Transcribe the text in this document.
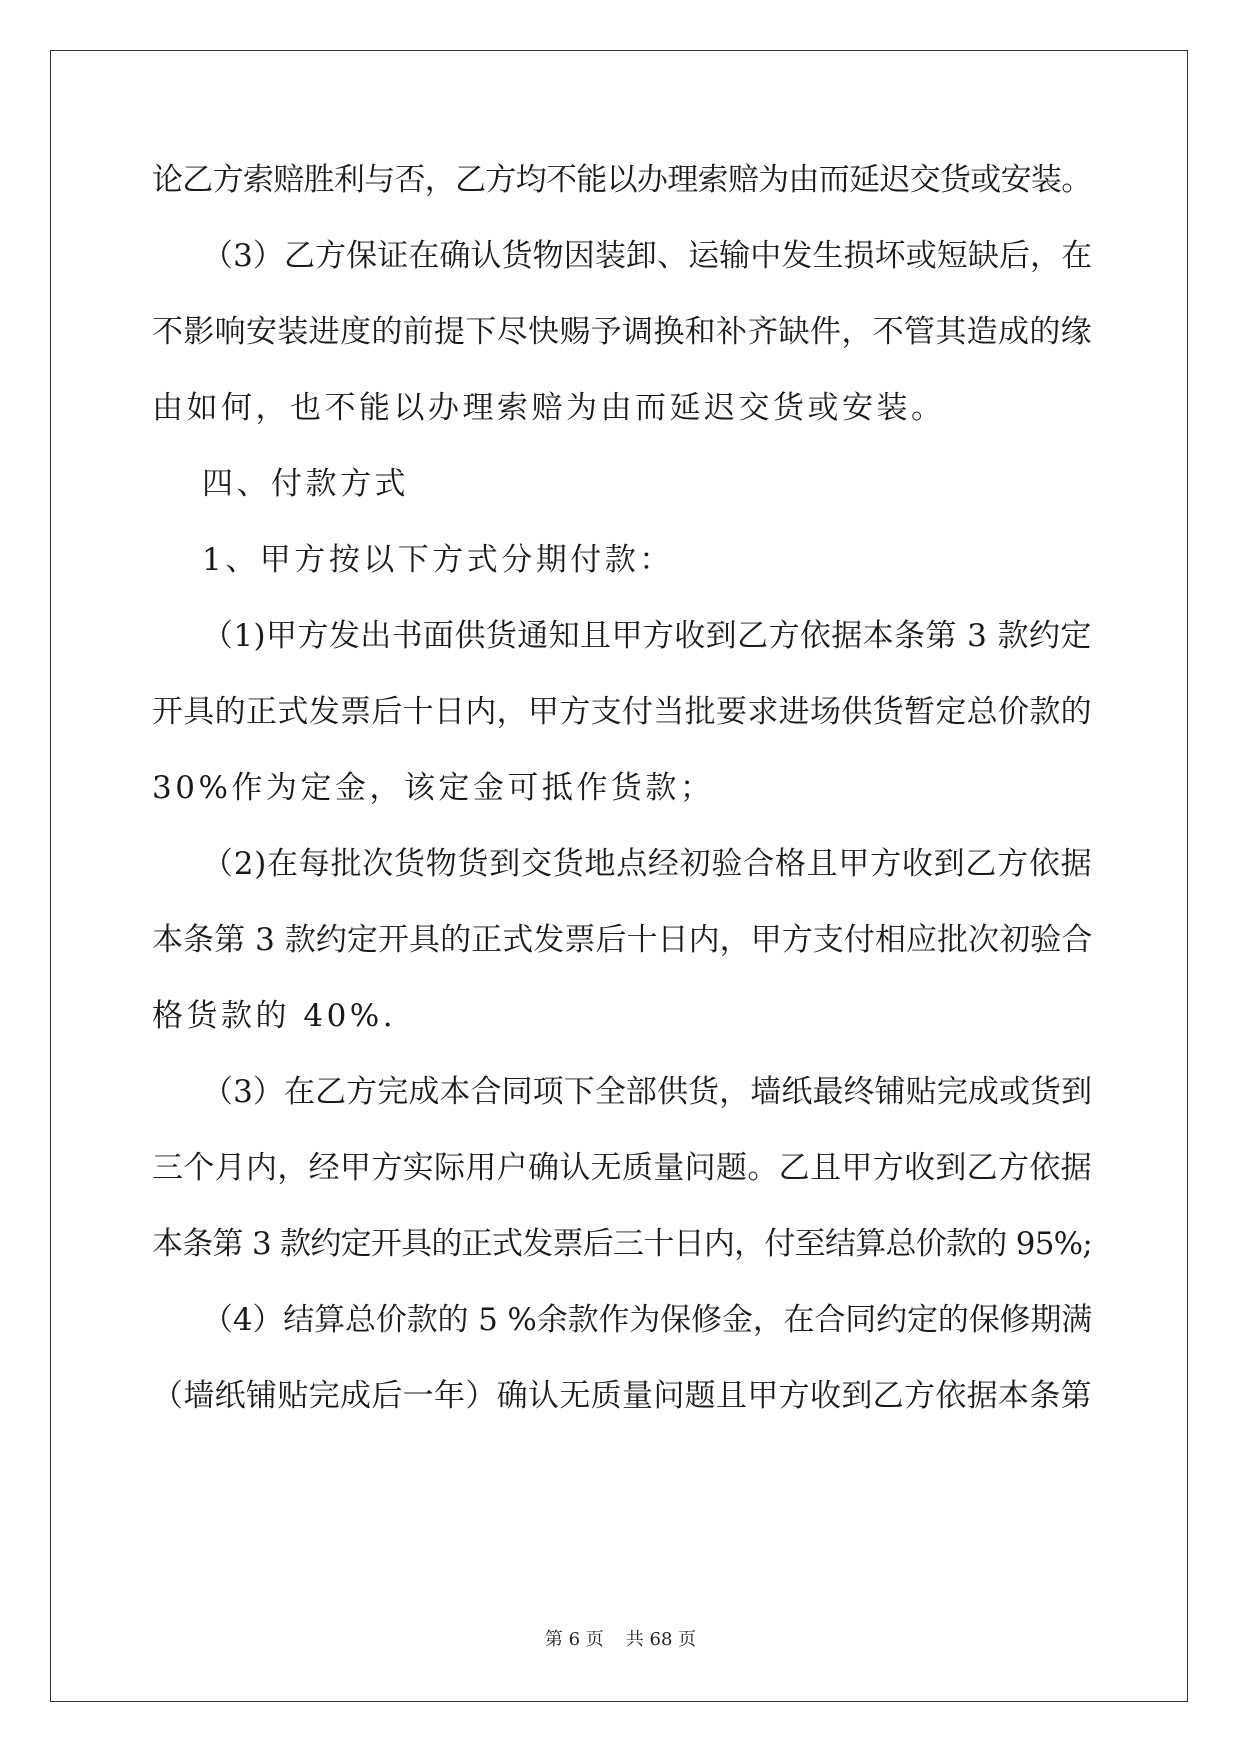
论乙方索赔胜利与否，乙方均不能以办理索赔为由而延迟交货或安装。
（3）乙方保证在确认货物因装卸、运输中发生损坏或短缺后，在
不影响安装进度的前提下尽快赐予调换和补齐缺件，不管其造成的缘
由如何，也不能以办理索赔为由而延迟交货或安装。
四、付款方式
1、甲方按以下方式分期付款：
（1)甲方发出书面供货通知且甲方收到乙方依据本条第 3 款约定
开具的正式发票后十日内，甲方支付当批要求进场供货暂定总价款的
30%作为定金，该定金可抵作货款；
（2)在每批次货物货到交货地点经初验合格且甲方收到乙方依据
本条第 3 款约定开具的正式发票后十日内，甲方支付相应批次初验合
格货款的 40%.
（3）在乙方完成本合同项下全部供货，墙纸最终铺贴完成或货到
三个月内，经甲方实际用户确认无质量问题。乙且甲方收到乙方依据
本条第 3 款约定开具的正式发票后三十日内，付至结算总价款的 95%;
（4）结算总价款的 5 %余款作为保修金，在合同约定的保修期满
（墙纸铺贴完成后一年）确认无质量问题且甲方收到乙方依据本条第
第 6 页 共 68 页
